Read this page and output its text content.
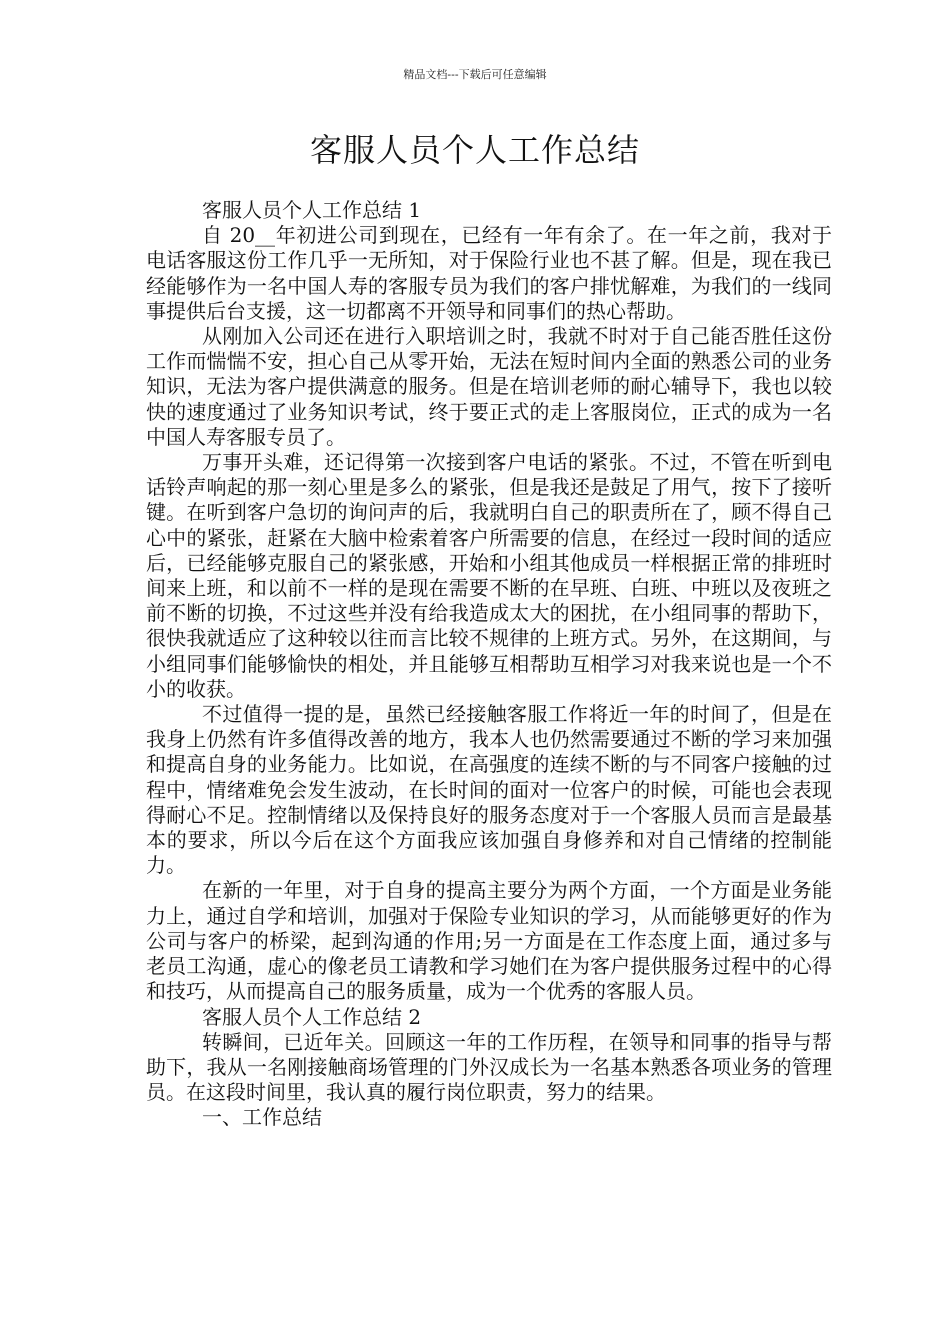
精品文档---下载后可任意编辑
客服人员个人工作总结
客服人员个人工作总结 1
自 20__年初进公司到现在，已经有一年有余了。在一年之前，我对于电话客服这份工作几乎一无所知，对于保险行业也不甚了解。但是，现在我已经能够作为一名中国人寿的客服专员为我们的客户排忧解难，为我们的一线同事提供后台支援，这一切都离不开领导和同事们的热心帮助。
从刚加入公司还在进行入职培训之时，我就不时对于自己能否胜任这份工作而惴惴不安，担心自己从零开始，无法在短时间内全面的熟悉公司的业务知识，无法为客户提供满意的服务。但是在培训老师的耐心辅导下，我也以较快的速度通过了业务知识考试，终于要正式的走上客服岗位，正式的成为一名中国人寿客服专员了。
万事开头难，还记得第一次接到客户电话的紧张。不过，不管在听到电话铃声响起的那一刻心里是多么的紧张，但是我还是鼓足了用气，按下了接听键。在听到客户急切的询问声的后，我就明白自己的职责所在了，顾不得自己心中的紧张，赶紧在大脑中检索着客户所需要的信息，在经过一段时间的适应后，已经能够克服自己的紧张感，开始和小组其他成员一样根据正常的排班时间来上班，和以前不一样的是现在需要不断的在早班、白班、中班以及夜班之前不断的切换，不过这些并没有给我造成太大的困扰，在小组同事的帮助下，很快我就适应了这种较以往而言比较不规律的上班方式。另外，在这期间，与小组同事们能够愉快的相处，并且能够互相帮助互相学习对我来说也是一个不小的收获。
不过值得一提的是，虽然已经接触客服工作将近一年的时间了，但是在我身上仍然有许多值得改善的地方，我本人也仍然需要通过不断的学习来加强和提高自身的业务能力。比如说，在高强度的连续不断的与不同客户接触的过程中，情绪难免会发生波动，在长时间的面对一位客户的时候，可能也会表现得耐心不足。控制情绪以及保持良好的服务态度对于一个客服人员而言是最基本的要求，所以今后在这个方面我应该加强自身修养和对自己情绪的控制能力。
在新的一年里，对于自身的提高主要分为两个方面，一个方面是业务能力上，通过自学和培训，加强对于保险专业知识的学习，从而能够更好的作为公司与客户的桥梁，起到沟通的作用;另一方面是在工作态度上面，通过多与老员工沟通，虚心的像老员工请教和学习她们在为客户提供服务过程中的心得和技巧，从而提高自己的服务质量，成为一个优秀的客服人员。
客服人员个人工作总结 2
转瞬间，已近年关。回顾这一年的工作历程，在领导和同事的指导与帮助下，我从一名刚接触商场管理的门外汉成长为一名基本熟悉各项业务的管理员。在这段时间里，我认真的履行岗位职责，努力的结果。
一、工作总结
